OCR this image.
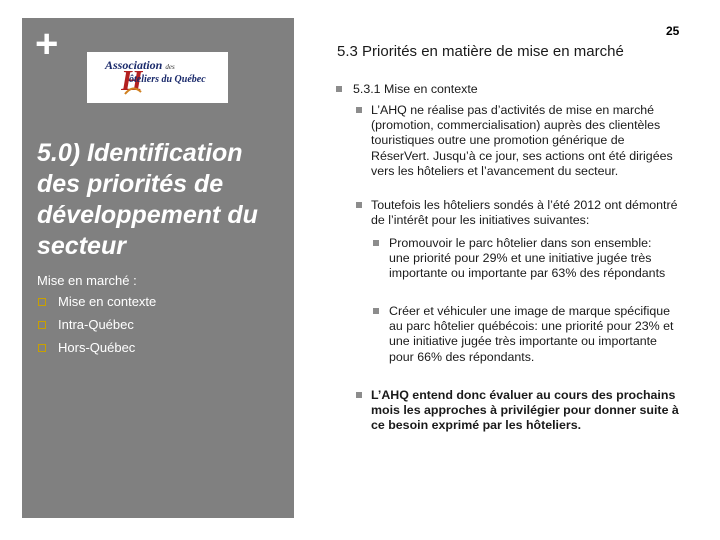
+
H
Association des
ôteliers du Québec
5.0) Identification des priorités de développement du secteur
Mise en marché :
Mise en contexte
Intra-Québec
Hors-Québec
25
5.3 Priorités en matière de mise en marché
5.3.1 Mise en contexte
L’AHQ ne réalise pas d’activités de mise en marché (promotion, commercialisation) auprès des clientèles touristiques outre une promotion générique de RéserVert. Jusqu’à ce jour, ses actions ont été dirigées vers les hôteliers et l’avancement du secteur.
Toutefois les hôteliers sondés à l’été 2012 ont démontré de l’intérêt pour les initiatives suivantes:
Promouvoir le parc hôtelier dans son ensemble: une priorité pour 29% et une initiative jugée très importante ou importante par 63% des répondants
Créer et véhiculer une image de marque spécifique au parc hôtelier québécois: une priorité pour 23% et une initiative jugée très importante ou importante pour 66% des répondants.
L’AHQ entend donc évaluer au cours des prochains mois les approches à privilégier pour donner suite à ce besoin exprimé par les hôteliers.
